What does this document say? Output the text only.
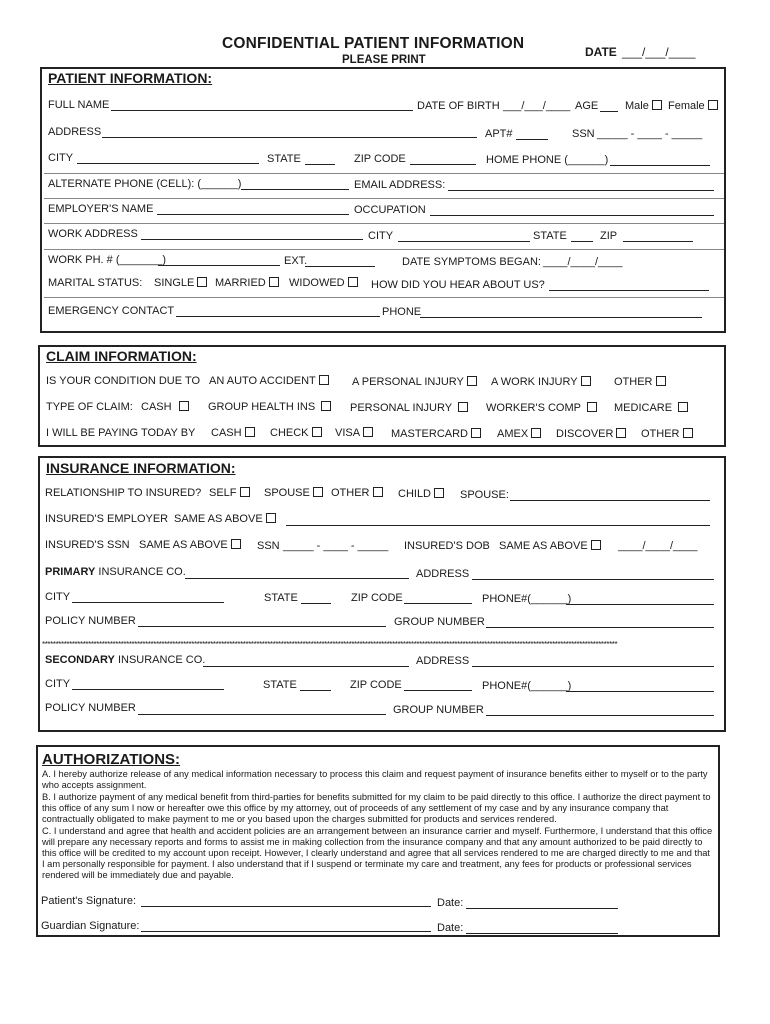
CONFIDENTIAL PATIENT INFORMATION
PLEASE PRINT
DATE ___/___/____
PATIENT INFORMATION:
FULL NAME	DATE OF BIRTH ___/___/____ AGE Male	Female
ADDRESS	APT#	SSN _____ - ____ - _____
CITY	STATE	ZIP CODE	HOME PHONE (______)
ALTERNATE PHONE (CELL): (______)	EMAIL ADDRESS:
EMPLOYER'S NAME	OCCUPATION
WORK ADDRESS	CITY	STATE	ZIP
WORK PH. # (_______)	EXT.	DATE SYMPTOMS BEGAN: ____/____/____
MARITAL STATUS: SINGLE	MARRIED	WIDOWED	HOW DID YOU HEAR ABOUT US?
EMERGENCY CONTACT	PHONE
CLAIM INFORMATION:
IS YOUR CONDITION DUE TO AN AUTO ACCIDENT	A PERSONAL INJURY	A WORK INJURY	OTHER
TYPE OF CLAIM: CASH	GROUP HEALTH INS	PERSONAL INJURY	WORKER'S COMP	MEDICARE
I WILL BE PAYING TODAY BY CASH	CHECK	VISA	MASTERCARD	AMEX	DISCOVER	OTHER
INSURANCE INFORMATION:
RELATIONSHIP TO INSURED? SELF	SPOUSE	OTHER	CHILD	SPOUSE:
INSURED'S EMPLOYER SAME AS ABOVE
INSURED'S SSN SAME AS ABOVE	SSN _____ - ____ - _____ INSURED'S DOB SAME AS ABOVE	____/____/____
PRIMARY INSURANCE CO.	ADDRESS
CITY	STATE	ZIP CODE	PHONE#(______)
POLICY NUMBER	GROUP NUMBER
********************************************************************************************************************************************************************************************************************
SECONDARY INSURANCE CO.	ADDRESS
CITY	STATE	ZIP CODE	PHONE#(______)
POLICY NUMBER	GROUP NUMBER
AUTHORIZATIONS:
A. I hereby authorize release of any medical information necessary to process this claim and request payment of insurance benefits either to myself or to the party who accepts assignment.
B. I authorize payment of any medical benefit from third-parties for benefits submitted for my claim to be paid directly to this office. I authorize the direct payment to this office of any sum I now or hereafter owe this office by my attorney, out of proceeds of any settlement of my case and by any insurance company that contractually obligated to make payment to me or you based upon the charges submitted for products and services rendered.
C. I understand and agree that health and accident policies are an arrangement between an insurance carrier and myself. Furthermore, I understand that this office will prepare any necessary reports and forms to assist me in making collection from the insurance company and that any amount authorized to be paid directly to this office will be credited to my account upon receipt. However, I clearly understand and agree that all services rendered to me are charged directly to me and that I am personally responsible for payment. I also understand that if I suspend or terminate my care and treatment, any fees for products or professional services rendered will be immediately due and payable.
Patient's Signature:	Date:
Guardian Signature:	Date:
